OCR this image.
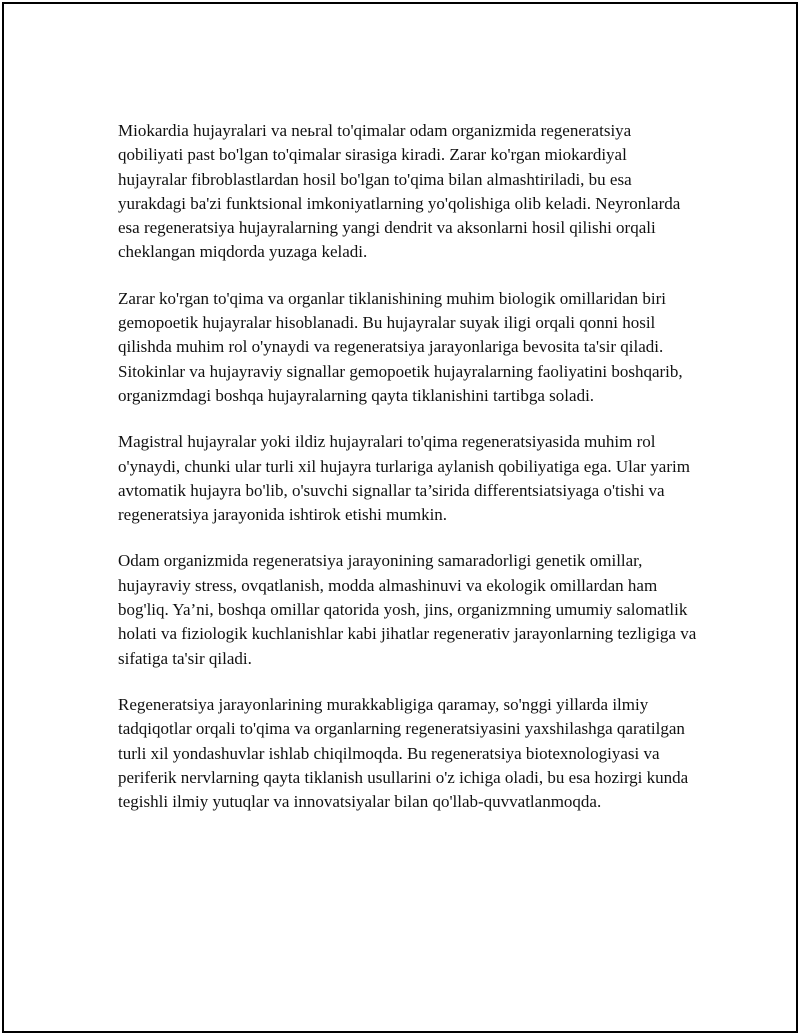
Miokardia hujayralari va neьral to'qimalar odam organizmida regeneratsiya qobiliyati past bo'lgan to'qimalar sirasiga kiradi. Zarar ko'rgan miokardiyal hujayralar fibroblastlardan hosil bo'lgan to'qima bilan almashtiriladi, bu esa yurakdagi ba'zi funktsional imkoniyatlarning yo'qolishiga olib keladi. Neyronlarda esa regeneratsiya hujayralarning yangi dendrit va aksonlarni hosil qilishi orqali cheklangan miqdorda yuzaga keladi.

Zarar ko'rgan to'qima va organlar tiklanishining muhim biologik omillaridan biri gemopoetik hujayralar hisoblanadi. Bu hujayralar suyak iligi orqali qonni hosil qilishda muhim rol o'ynaydi va regeneratsiya jarayonlariga bevosita ta'sir qiladi. Sitokinlar va hujayraviy signallar gemopoetik hujayralarning faoliyatini boshqarib, organizmdagi boshqa hujayralarning qayta tiklanishini tartibga soladi.

Magistral hujayralar yoki ildiz hujayralari to'qima regeneratsiyasida muhim rol o'ynaydi, chunki ular turli xil hujayra turlariga aylanish qobiliyatiga ega. Ular yarim avtomatik hujayra bo'lib, o'suvchi signallar ta’sirida differentsiatsiyaga o'tishi va regeneratsiya jarayonida ishtirok etishi mumkin.

Odam organizmida regeneratsiya jarayonining samaradorligi genetik omillar, hujayraviy stress, ovqatlanish, modda almashinuvi va ekologik omillardan ham bog'liq. Ya’ni, boshqa omillar qatorida yosh, jins, organizmning umumiy salomatlik holati va fiziologik kuchlanishlar kabi jihatlar regenerativ jarayonlarning tezligiga va sifatiga ta'sir qiladi.

Regeneratsiya jarayonlarining murakkabligiga qaramay, so'nggi yillarda ilmiy tadqiqotlar orqali to'qima va organlarning regeneratsiyasini yaxshilashga qaratilgan turli xil yondashuvlar ishlab chiqilmoqda. Bu regeneratsiya biotexnologiyasi va periferik nervlarning qayta tiklanish usullarini o'z ichiga oladi, bu esa hozirgi kunda tegishli ilmiy yutuqlar va innovatsiyalar bilan qo'llab-quvvatlanmoqda.
